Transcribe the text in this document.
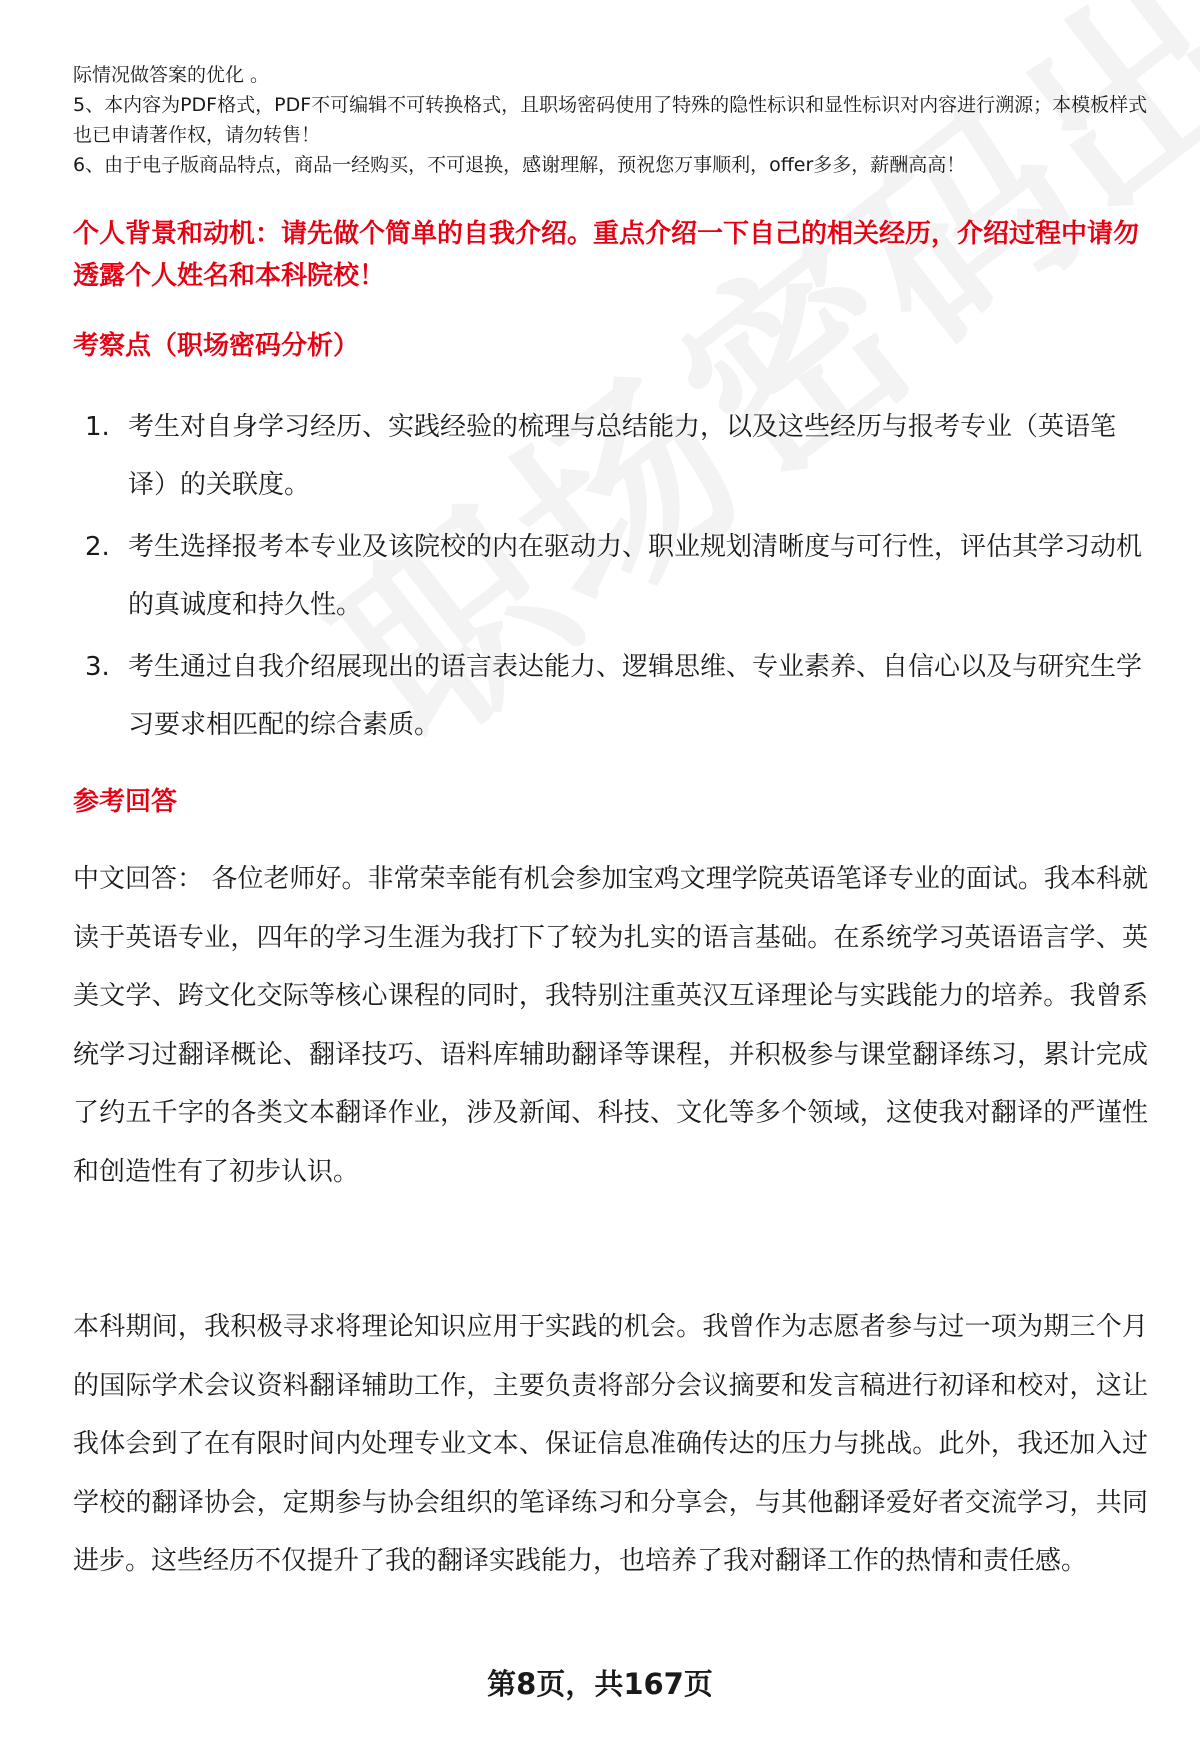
际情况做答案的优化 。

5、本内容为PDF格式，PDF不可编辑不可转换格式，且职场密码使用了特殊的隐性标识和显性标识对内容进行溯源；本模板样式也已申请著作权，请勿转售！

6、由于电子版商品特点，商品一经购买，不可退换，感谢理解，预祝您万事顺利，offer多多，薪酬高高！

个人背景和动机：请先做个简单的自我介绍。重点介绍一下自己的相关经历，介绍过程中请勿透露个人姓名和本科院校！

考察点（职场密码分析）

1. 考生对自身学习经历、实践经验的梳理与总结能力，以及这些经历与报考专业（英语笔译）的关联度。
2. 考生选择报考本专业及该院校的内在驱动力、职业规划清晰度与可行性，评估其学习动机的真诚度和持久性。
3. 考生通过自我介绍展现出的语言表达能力、逻辑思维、专业素养、自信心以及与研究生学习要求相匹配的综合素质。

参考回答

中文回答： 各位老师好。非常荣幸能有机会参加宝鸡文理学院英语笔译专业的面试。我本科就读于英语专业，四年的学习生涯为我打下了较为扎实的语言基础。在系统学习英语语言学、英美文学、跨文化交际等核心课程的同时，我特别注重英汉互译理论与实践能力的培养。我曾系统学习过翻译概论、翻译技巧、语料库辅助翻译等课程，并积极参与课堂翻译练习，累计完成了约五千字的各类文本翻译作业，涉及新闻、科技、文化等多个领域，这使我对翻译的严谨性和创造性有了初步认识。

本科期间，我积极寻求将理论知识应用于实践的机会。我曾作为志愿者参与过一项为期三个月的国际学术会议资料翻译辅助工作，主要负责将部分会议摘要和发言稿进行初译和校对，这让我体会到了在有限时间内处理专业文本、保证信息准确传达的压力与挑战。此外，我还加入过学校的翻译协会，定期参与协会组织的笔译练习和分享会，与其他翻译爱好者交流学习，共同进步。这些经历不仅提升了我的翻译实践能力，也培养了我对翻译工作的热情和责任感。

第8页，共167页
